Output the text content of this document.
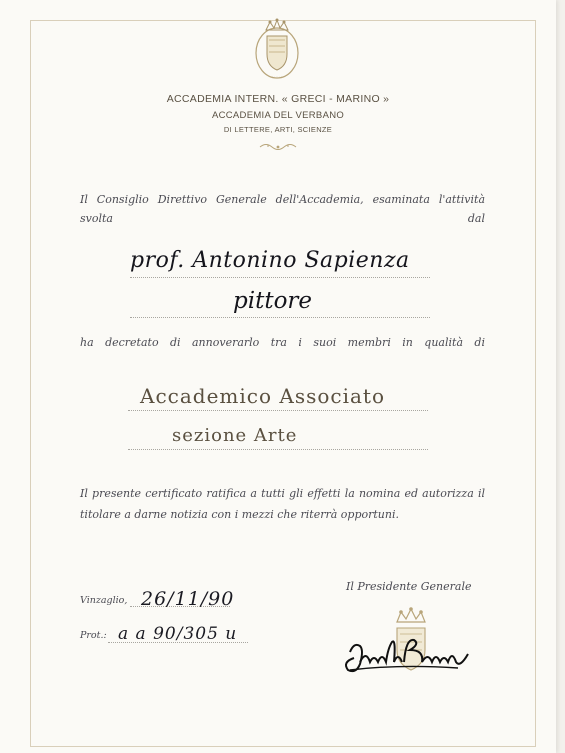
· · · · · ·
ACCADEMIA INTERN. « GRECI - MARINO »
ACCADEMIA DEL VERBANO
DI LETTERE, ARTI, SCIENZE
Il Consiglio Direttivo Generale dell'Accademia, esaminata l'attività svolta dal
prof. Antonino Sapienza
pittore
ha decretato di annoverarlo tra i suoi membri in qualità di
Accademico Associato
sezione Arte
Il presente certificato ratifica a tutti gli effetti la nomina ed autorizza il titolare a darne notizia con i mezzi che riterrà opportuni.
Il Presidente Generale
Vinzaglio, 26/11/90
Prot.: a a 90/305 u
